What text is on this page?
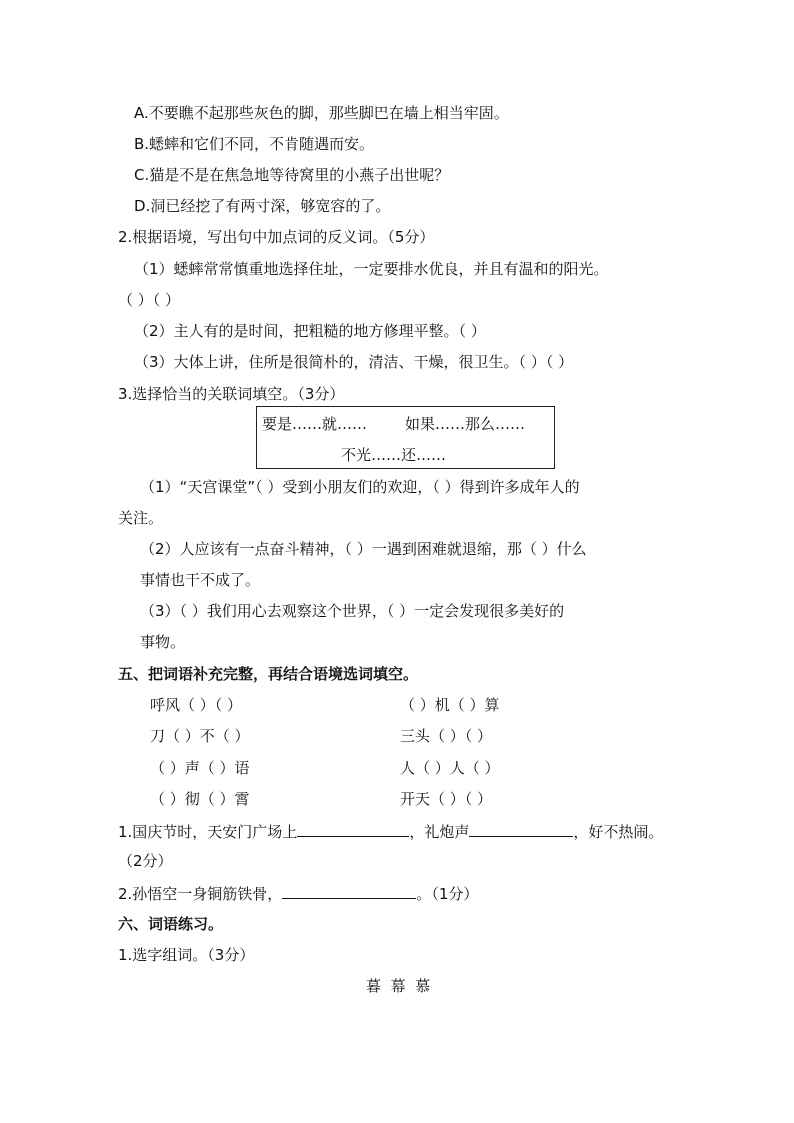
A.不要瞧不起那些灰色的脚，那些脚巴在墙上相当牢固。
B.蟋蟀和它们不同，不肯随遇而安。
C.猫是不是在焦急地等待窝里的小燕子出世呢？
D.洞已经挖了有两寸深，够宽容的了。
2.根据语境，写出句中加点词的反义词。（5分）
（1）蟋蟀常常慎重地选择住址，一定要排水优良，并且有温和的阳光。
（ ）（ ）
（2）主人有的是时间，把粗糙的地方修理平整。（ ）
（3）大体上讲，住所是很简朴的，清洁、干燥，很卫生。（ ）（ ）
3.选择恰当的关联词填空。（3分）
要是……就……	如果……那么……
不光……还……
（1）“天宫课堂”（ ）受到小朋友们的欢迎，（ ）得到许多成年人的
关注。
（2）人应该有一点奋斗精神，（ ）一遇到困难就退缩，那（ ）什么
事情也干不成了。
（3）（ ）我们用心去观察这个世界，（ ）一定会发现很多美好的
事物。
五、把词语补充完整，再结合语境选词填空。
呼风（ ）（ ）	（ ）机（ ）算
刀（ ）不（ ）	三头（ ）（ ）
（ ）声（ ）语	人（ ）人（ ）
（ ）彻（ ）霄	开天（ ）（ ）
1.国庆节时，天安门广场上	，礼炮声	，好不热闹。
（2分）
2.孙悟空一身铜筋铁骨，	。（1分）
六、词语练习。
1.选字组词。（3分）
暮  幕  慕
